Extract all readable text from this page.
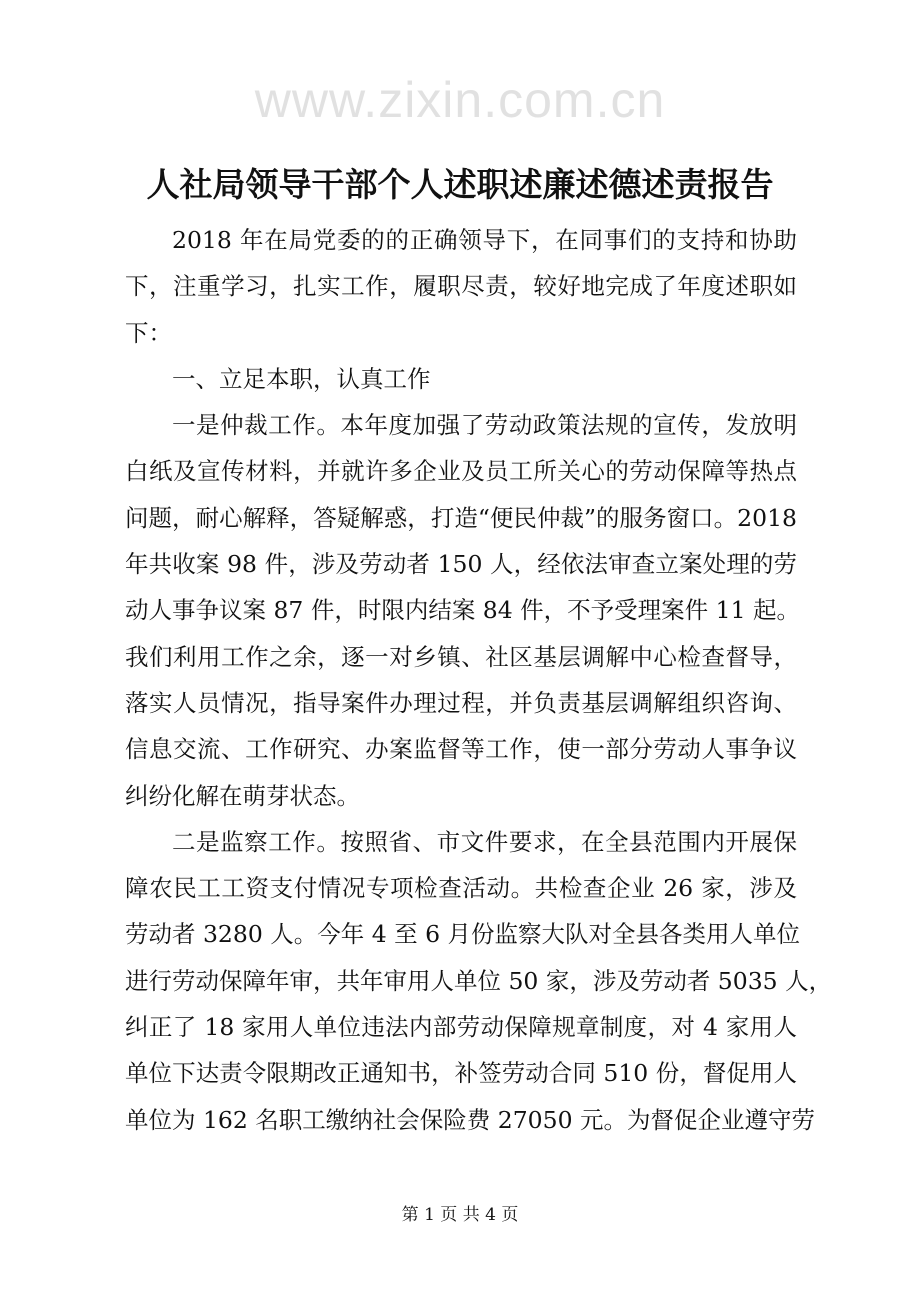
www.zixin.com.cn
人社局领导干部个人述职述廉述德述责报告
2018 年在局党委的的正确领导下，在同事们的支持和协助
下，注重学习，扎实工作，履职尽责，较好地完成了年度述职如
下：
一、立足本职，认真工作
一是仲裁工作。本年度加强了劳动政策法规的宣传，发放明
白纸及宣传材料，并就许多企业及员工所关心的劳动保障等热点
问题，耐心解释，答疑解惑，打造“便民仲裁”的服务窗口。2018
年共收案 98 件，涉及劳动者 150 人，经依法审查立案处理的劳
动人事争议案 87 件，时限内结案 84 件，不予受理案件 11 起。
我们利用工作之余，逐一对乡镇、社区基层调解中心检查督导，
落实人员情况，指导案件办理过程，并负责基层调解组织咨询、
信息交流、工作研究、办案监督等工作，使一部分劳动人事争议
纠纷化解在萌芽状态。
二是监察工作。按照省、市文件要求，在全县范围内开展保
障农民工工资支付情况专项检查活动。共检查企业 26 家，涉及
劳动者 3280 人。今年 4 至 6 月份监察大队对全县各类用人单位
进行劳动保障年审，共年审用人单位 50 家，涉及劳动者 5035 人，
纠正了 18 家用人单位违法内部劳动保障规章制度，对 4 家用人
单位下达责令限期改正通知书，补签劳动合同 510 份，督促用人
单位为 162 名职工缴纳社会保险费 27050 元。为督促企业遵守劳
第 1 页 共 4 页
